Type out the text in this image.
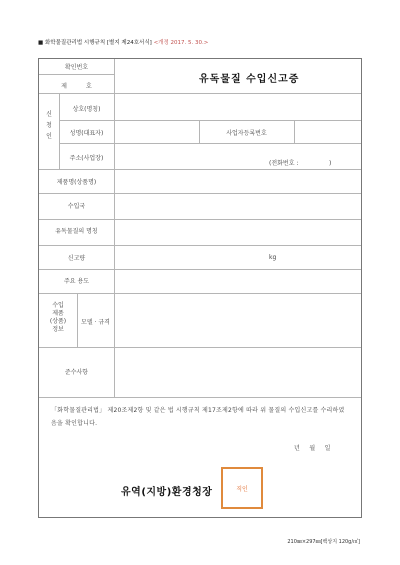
■ 화학물질관리법 시행규칙 [별지 제24호서식] <개정 2017. 5. 30.>
확인번호
제          호
유독물질 수입신고증
신
청
인
상호(명칭)
성명(대표자)	사업자등록번호
주소(사업장)
(전화번호 :                )
제품명(상품명)
수입국
유독물질의 명칭
신고량	kg
주요 용도
수입
제품
(상품)
정보
모델 · 규격
준수사항
「화학물질관리법」 제20조제2항 및 같은 법 시행규칙 제17조제2항에 따라 위 물질의 수입신고를 수리하였음을 확인합니다.
년     월     일
유역(지방)환경청장	직인
210㎜×297㎜[백상지 120g/㎡]
